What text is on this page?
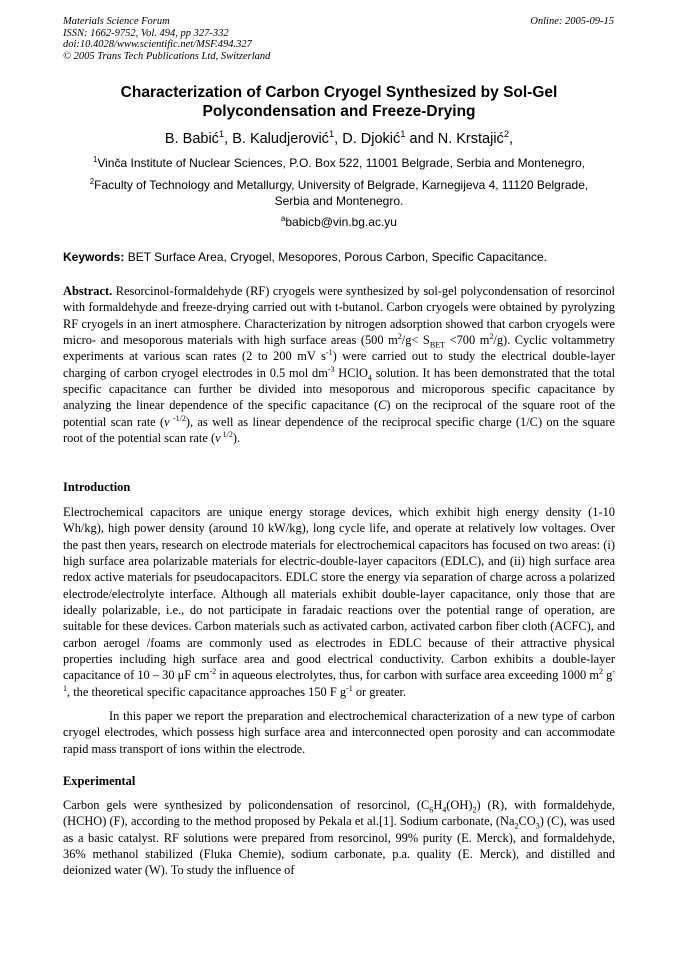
Materials Science Forum
ISSN: 1662-9752, Vol. 494, pp 327-332
doi:10.4028/www.scientific.net/MSF.494.327
© 2005 Trans Tech Publications Ltd, Switzerland
Online: 2005-09-15
Characterization of Carbon Cryogel Synthesized by Sol-Gel
Polycondensation and Freeze-Drying
B. Babić$^1$, B. Kaludjerović$^1$, D. Djokić$^1$ and N. Krstajić$^2$,
$^1$Vinča Institute of Nuclear Sciences, P.O. Box 522, 11001 Belgrade, Serbia and Montenegro,
$^2$Faculty of Technology and Metallurgy, University of Belgrade, Karnegijeva 4, 11120 Belgrade,
Serbia and Montenegro.
$^a$babicb@vin.bg.ac.yu
Keywords: BET Surface Area, Cryogel, Mesopores, Porous Carbon, Specific Capacitance.
Abstract. Resorcinol-formaldehyde (RF) cryogels were synthesized by sol-gel polycondensation of resorcinol with formaldehyde and freeze-drying carried out with t-butanol. Carbon cryogels were obtained by pyrolyzing RF cryogels in an inert atmosphere. Characterization by nitrogen adsorption showed that carbon cryogels were micro- and mesoporous materials with high surface areas (500 $m^2/g< S_{BET} <700$ $m^2/g$). Cyclic voltammetry experiments at various scan rates (2 to 200 mV $s^{-1}$) were carried out to study the electrical double-layer charging of carbon cryogel electrodes in 0.5 mol $dm^{-3}$ HClO$_4$ solution. It has been demonstrated that the total specific capacitance can further be divided into mesoporous and microporous specific capacitance by analyzing the linear dependence of the specific capacitance (C) on the reciprocal of the square root of the potential scan rate (ν $^{-1/2}$), as well as linear dependence of the reciprocal specific charge (1/C) on the square root of the potential scan rate (ν $^{1/2}$).
Introduction
Electrochemical capacitors are unique energy storage devices, which exhibit high energy density (1-10 Wh/kg), high power density (around 10 kW/kg), long cycle life, and operate at relatively low voltages. Over the past then years, research on electrode materials for electrochemical capacitors has focused on two areas: (i) high surface area polarizable materials for electric-double-layer capacitors (EDLC), and (ii) high surface area redox active materials for pseudocapacitors. EDLC store the energy via separation of charge across a polarized electrode/electrolyte interface. Although all materials exhibit double-layer capacitance, only those that are ideally polarizable, i.e., do not participate in faradaic reactions over the potential range of operation, are suitable for these devices. Carbon materials such as activated carbon, activated carbon fiber cloth (ACFC), and carbon aerogel /foams are commonly used as electrodes in EDLC because of their attractive physical properties including high surface area and good electrical conductivity. Carbon exhibits a double-layer capacitance of 10 – 30 μF $cm^{-2}$ in aqueous electrolytes, thus, for carbon with surface area exceeding 1000 $m^2$ $g^{-1}$, the theoretical specific capacitance approaches 150 F $g^{-1}$ or greater.
In this paper we report the preparation and electrochemical characterization of a new type of carbon cryogel electrodes, which possess high surface area and interconnected open porosity and can accommodate rapid mass transport of ions within the electrode.
Experimental
Carbon gels were synthesized by policondensation of resorcinol, $(C_6H_4(OH)_2)$ (R), with formaldehyde, (HCHO) (F), according to the method proposed by Pekala et al.[1]. Sodium carbonate, $(Na_2CO_3)$ (C), was used as a basic catalyst. RF solutions were prepared from resorcinol, 99% purity (E. Merck), and formaldehyde, 36% methanol stabilized (Fluka Chemie), sodium carbonate, p.a. quality (E. Merck), and distilled and deionized water (W). To study the influence of
